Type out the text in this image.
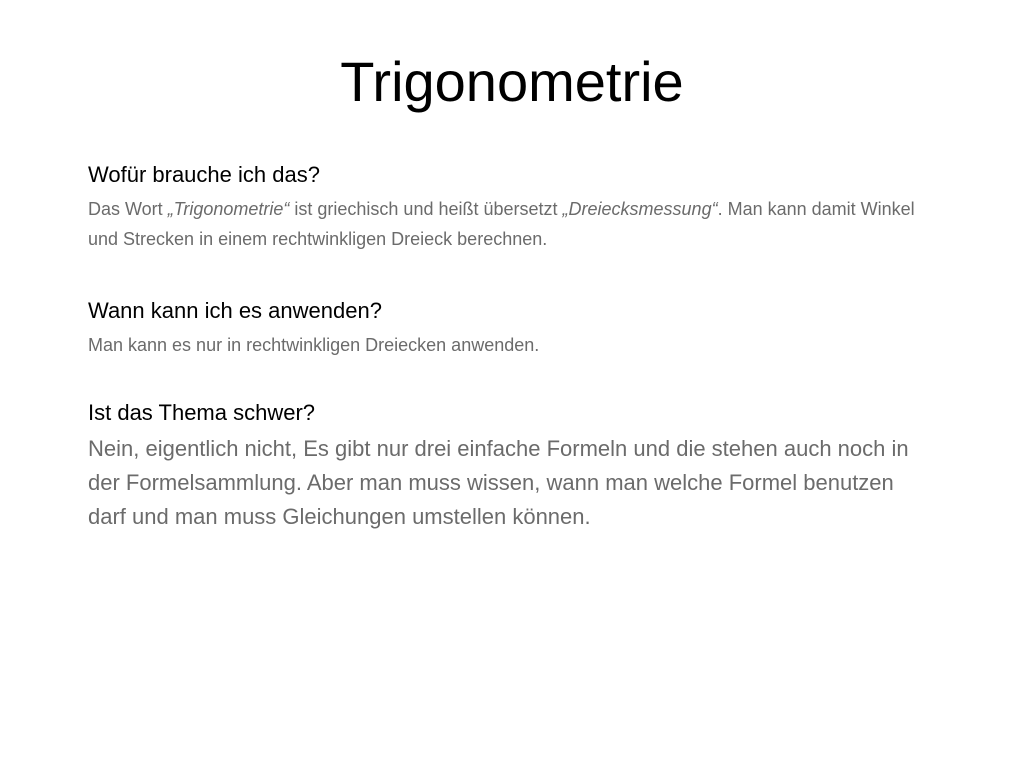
Trigonometrie

Wofür brauche ich das?

Das Wort „Trigonometrie“ ist griechisch und heißt übersetzt „Dreiecksmessung“. Man kann damit Winkel und Strecken in einem rechtwinkligen Dreieck berechnen.

Wann kann ich es anwenden?

Man kann es nur in rechtwinkligen Dreiecken anwenden.

Ist das Thema schwer?

Nein, eigentlich nicht, Es gibt nur drei einfache Formeln und die stehen auch noch in der Formelsammlung. Aber man muss wissen, wann man welche Formel benutzen darf und man muss Gleichungen umstellen können.
